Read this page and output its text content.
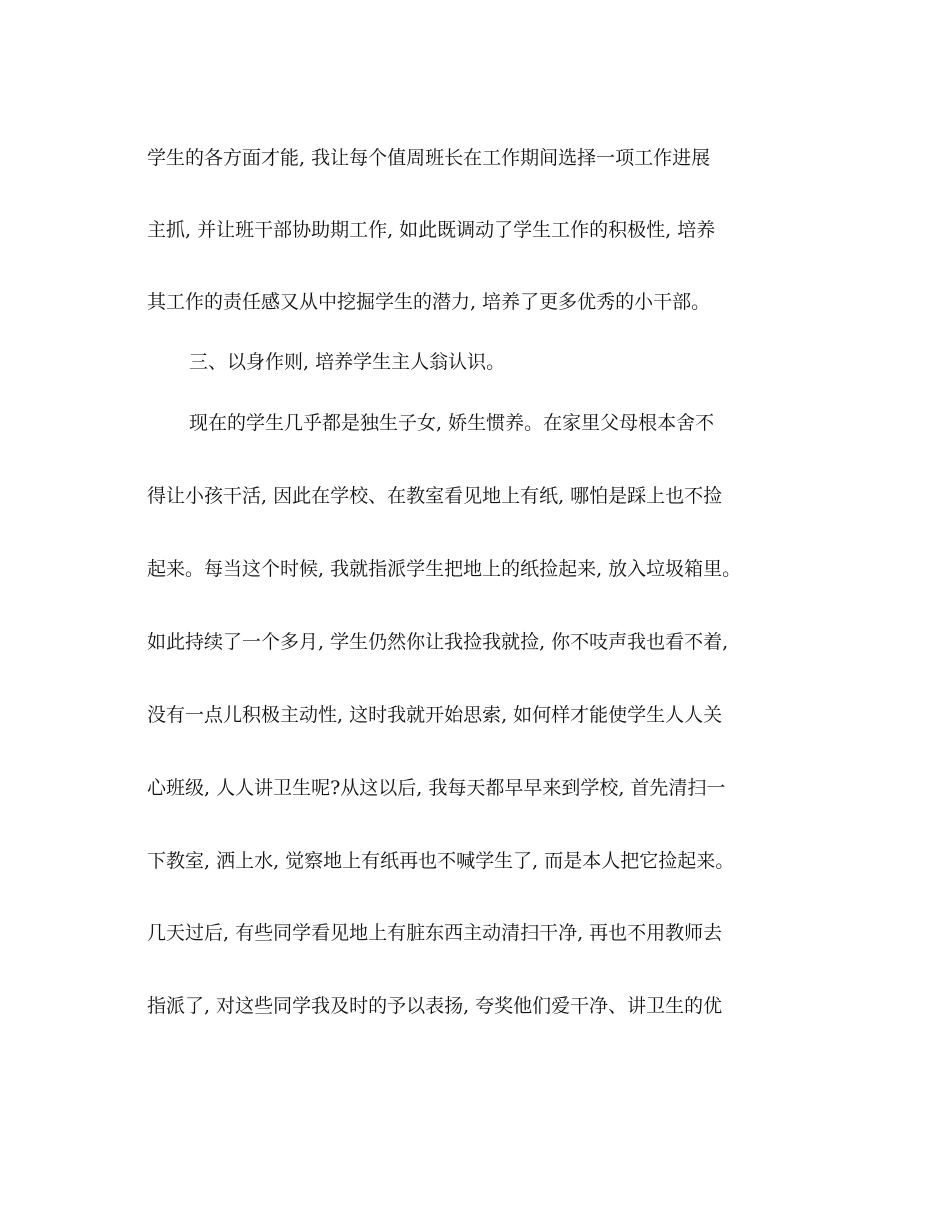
学生的各方面才能, 我让每个值周班长在工作期间选择一项工作进展
主抓, 并让班干部协助期工作, 如此既调动了学生工作的积极性, 培养
其工作的责任感又从中挖掘学生的潜力, 培养了更多优秀的小干部。
三、以身作则, 培养学生主人翁认识。
现在的学生几乎都是独生子女, 娇生惯养。在家里父母根本舍不
得让小孩干活, 因此在学校、在教室看见地上有纸, 哪怕是踩上也不捡
起来。每当这个时候, 我就指派学生把地上的纸捡起来, 放入垃圾箱里。
如此持续了一个多月, 学生仍然你让我捡我就捡, 你不吱声我也看不着,
没有一点儿积极主动性, 这时我就开始思索, 如何样才能使学生人人关
心班级, 人人讲卫生呢?从这以后, 我每天都早早来到学校, 首先清扫一
下教室, 洒上水, 觉察地上有纸再也不喊学生了, 而是本人把它捡起来。
几天过后, 有些同学看见地上有脏东西主动清扫干净, 再也不用教师去
指派了, 对这些同学我及时的予以表扬, 夸奖他们爱干净、讲卫生的优
